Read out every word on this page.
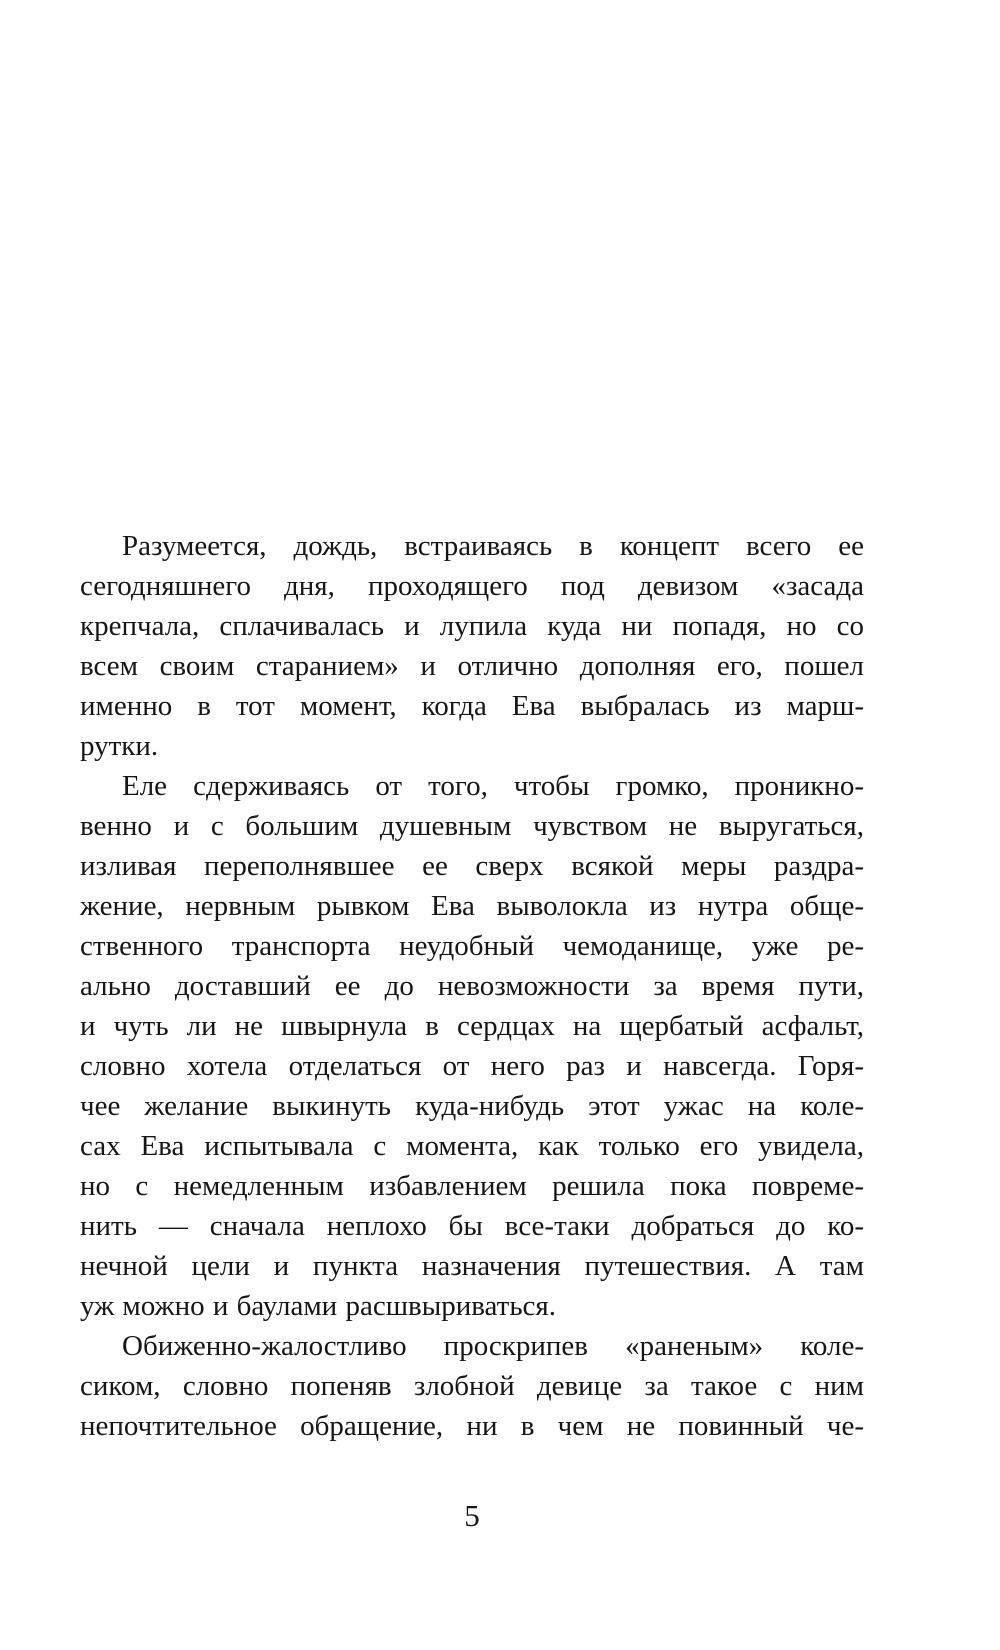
Разумеется, дождь, встраиваясь в концепт всего ее
сегодняшнего дня, проходящего под девизом «засада
крепчала, сплачивалась и лупила куда ни попадя, но со
всем своим старанием» и отлично дополняя его, пошел
именно в тот момент, когда Ева выбралась из марш-
рутки.
Еле сдерживаясь от того, чтобы громко, проникно-
венно и с большим душевным чувством не выругаться,
изливая переполнявшее ее сверх всякой меры раздра-
жение, нервным рывком Ева выволокла из нутра обще-
ственного транспорта неудобный чемоданище, уже ре-
ально доставший ее до невозможности за время пути,
и чуть ли не швырнула в сердцах на щербатый асфальт,
словно хотела отделаться от него раз и навсегда. Горя-
чее желание выкинуть куда-нибудь этот ужас на коле-
сах Ева испытывала с момента, как только его увидела,
но с немедленным избавлением решила пока повреме-
нить — сначала неплохо бы все-таки добраться до ко-
нечной цели и пункта назначения путешествия. А там
уж можно и баулами расшвыриваться.
Обиженно-жалостливо проскрипев «раненым» коле-
сиком, словно попеняв злобной девице за такое с ним
непочтительное обращение, ни в чем не повинный че-
5
